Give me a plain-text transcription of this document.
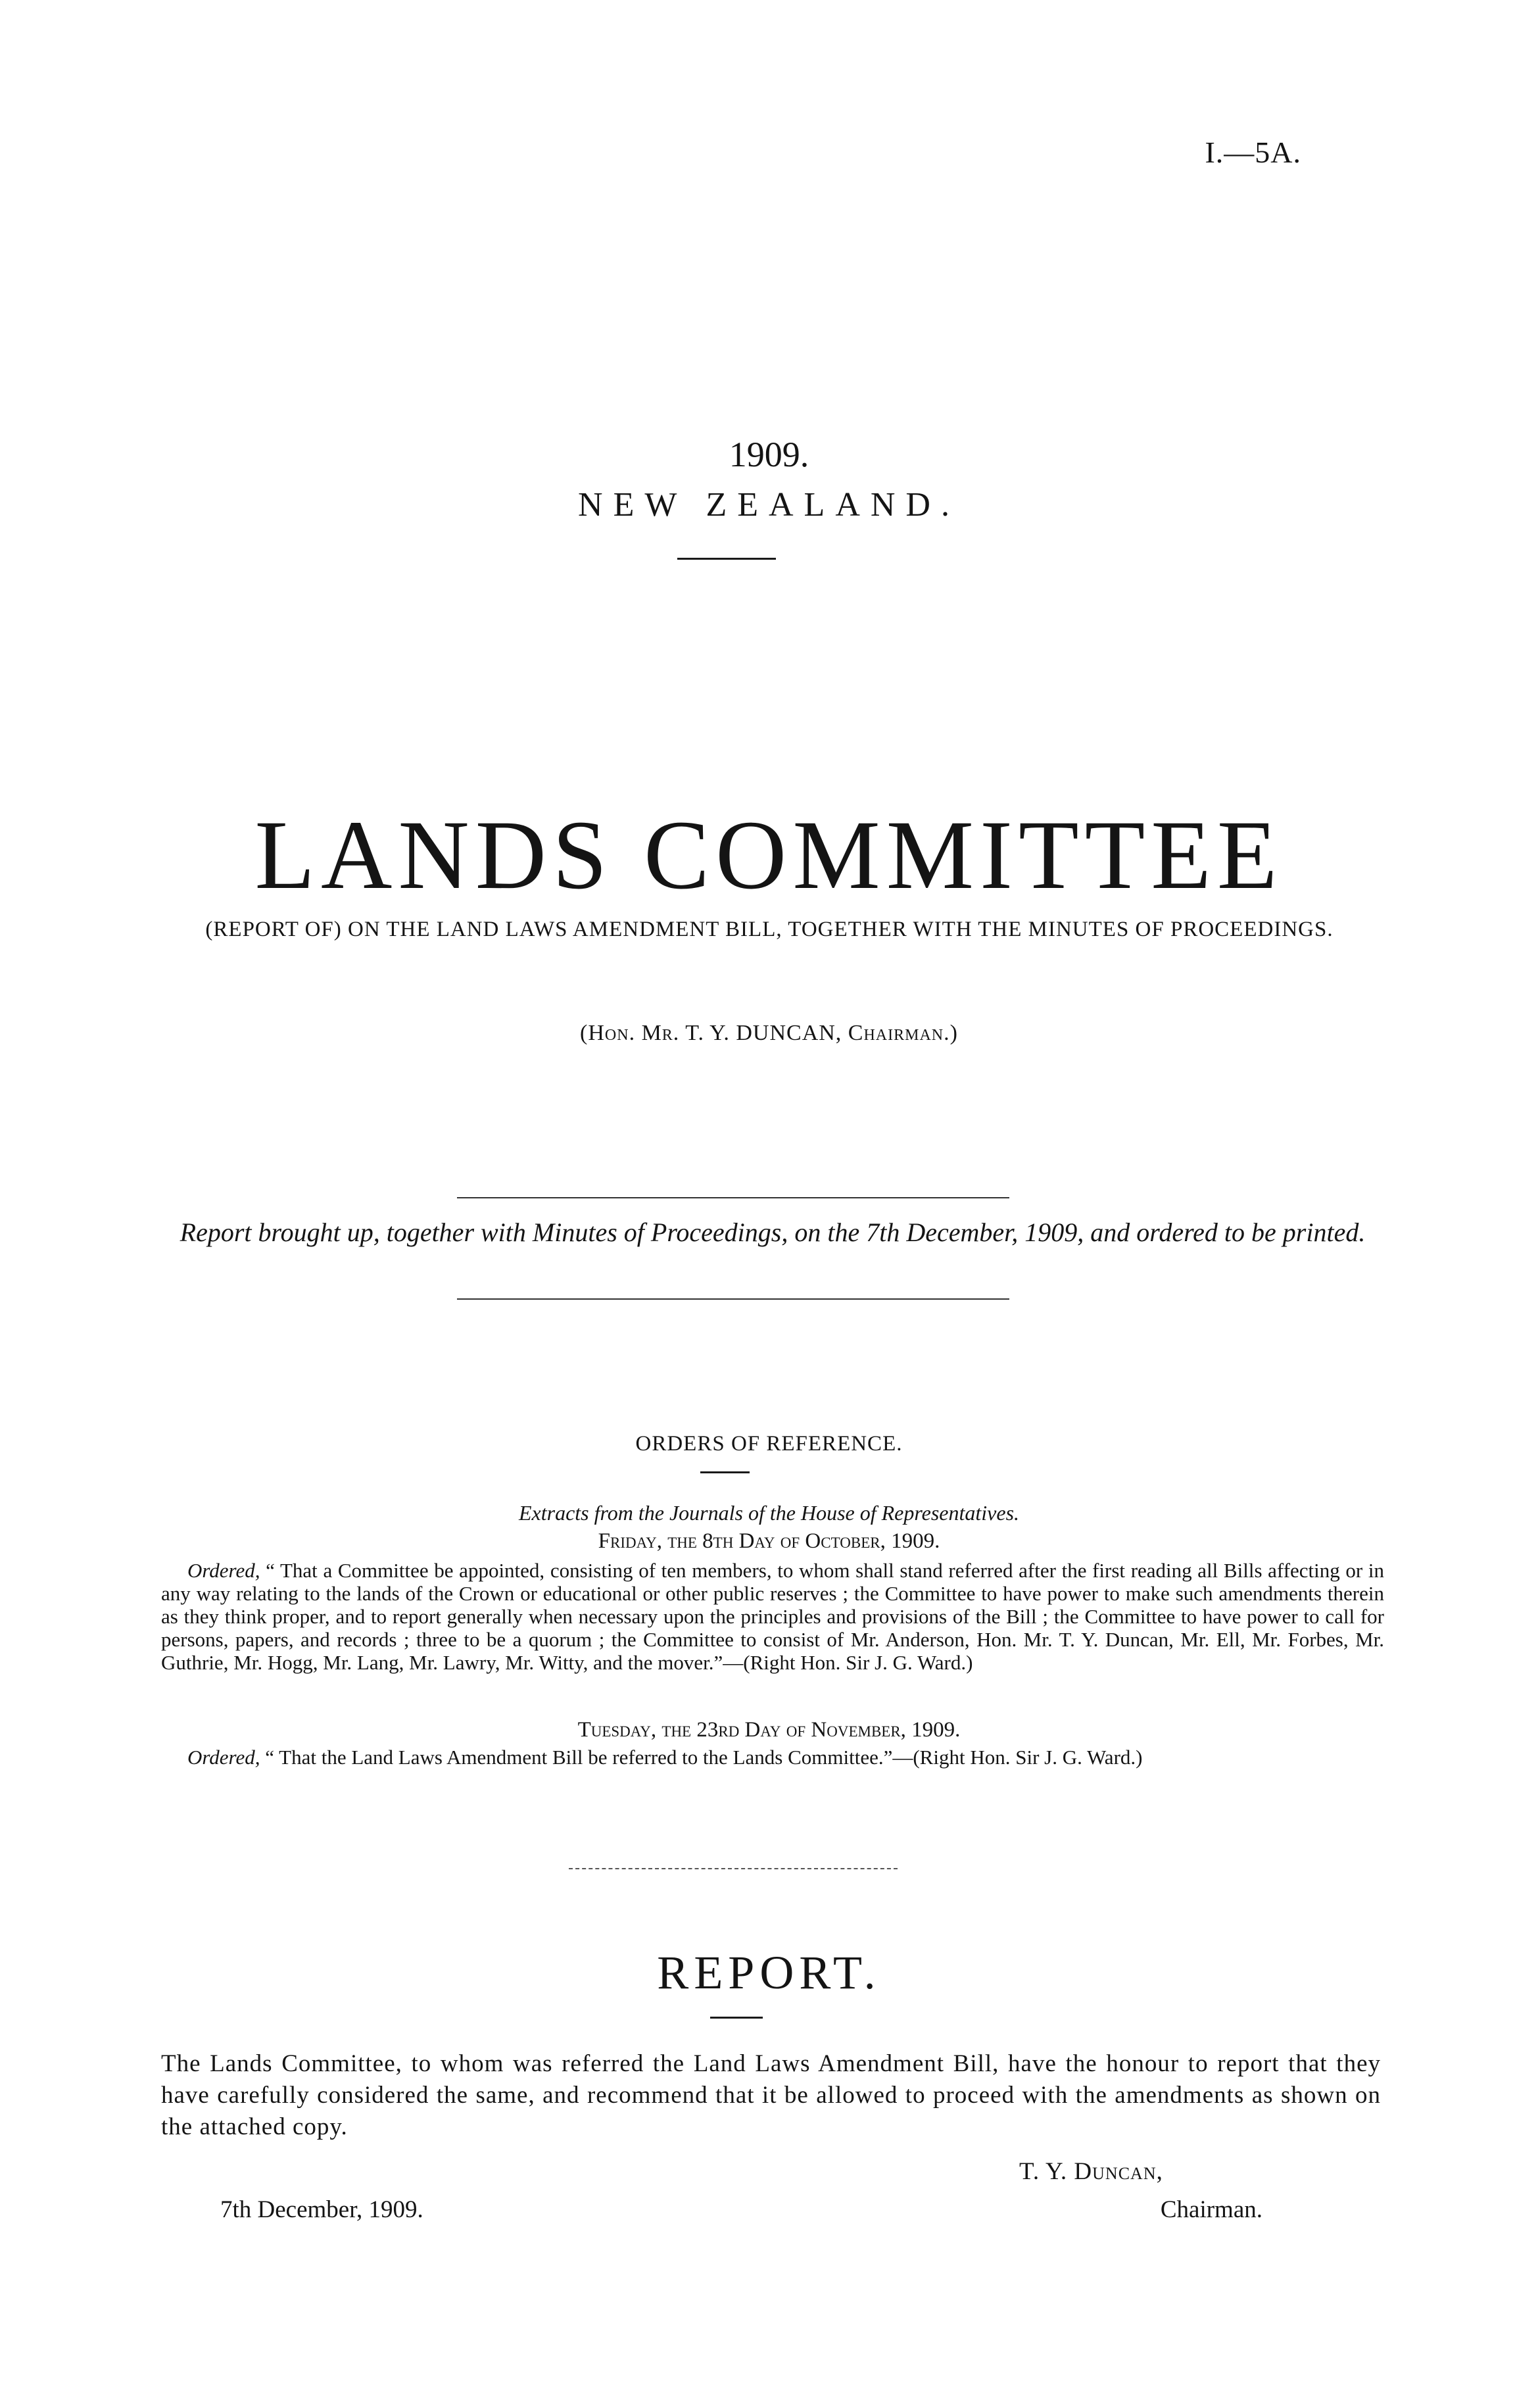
I.—5A.
1909.
NEW ZEALAND.
LANDS COMMITTEE
(REPORT OF) ON THE LAND LAWS AMENDMENT BILL, TOGETHER WITH THE MINUTES OF PROCEEDINGS.
(Hon. Mr. T. Y. DUNCAN, Chairman.)
Report brought up, together with Minutes of Proceedings, on the 7th December, 1909, and ordered to be printed.
ORDERS OF REFERENCE.
Extracts from the Journals of the House of Representatives.
Friday, the 8th Day of October, 1909.

Ordered, “ That a Committee be appointed, consisting of ten members, to whom shall stand referred after the first reading all Bills affecting or in any way relating to the lands of the Crown or educational or other public reserves ; the Committee to have power to make such amendments therein as they think proper, and to report generally when necessary upon the principles and provisions of the Bill ; the Committee to have power to call for persons, papers, and records ; three to be a quorum ; the Committee to consist of Mr. Anderson, Hon. Mr. T. Y. Duncan, Mr. Ell, Mr. Forbes, Mr. Guthrie, Mr. Hogg, Mr. Lang, Mr. Lawry, Mr. Witty, and the mover.”—(Right Hon. Sir J. G. Ward.)

Tuesday, the 23rd Day of November, 1909.

Ordered, “ That the Land Laws Amendment Bill be referred to the Lands Committee.”—(Right Hon. Sir J. G. Ward.)

REPORT.

The Lands Committee, to whom was referred the Land Laws Amendment Bill, have the honour to report that they have carefully considered the same, and recommend that it be allowed to proceed with the amendments as shown on the attached copy.

T. Y. Duncan,
7th December, 1909.	Chairman.
